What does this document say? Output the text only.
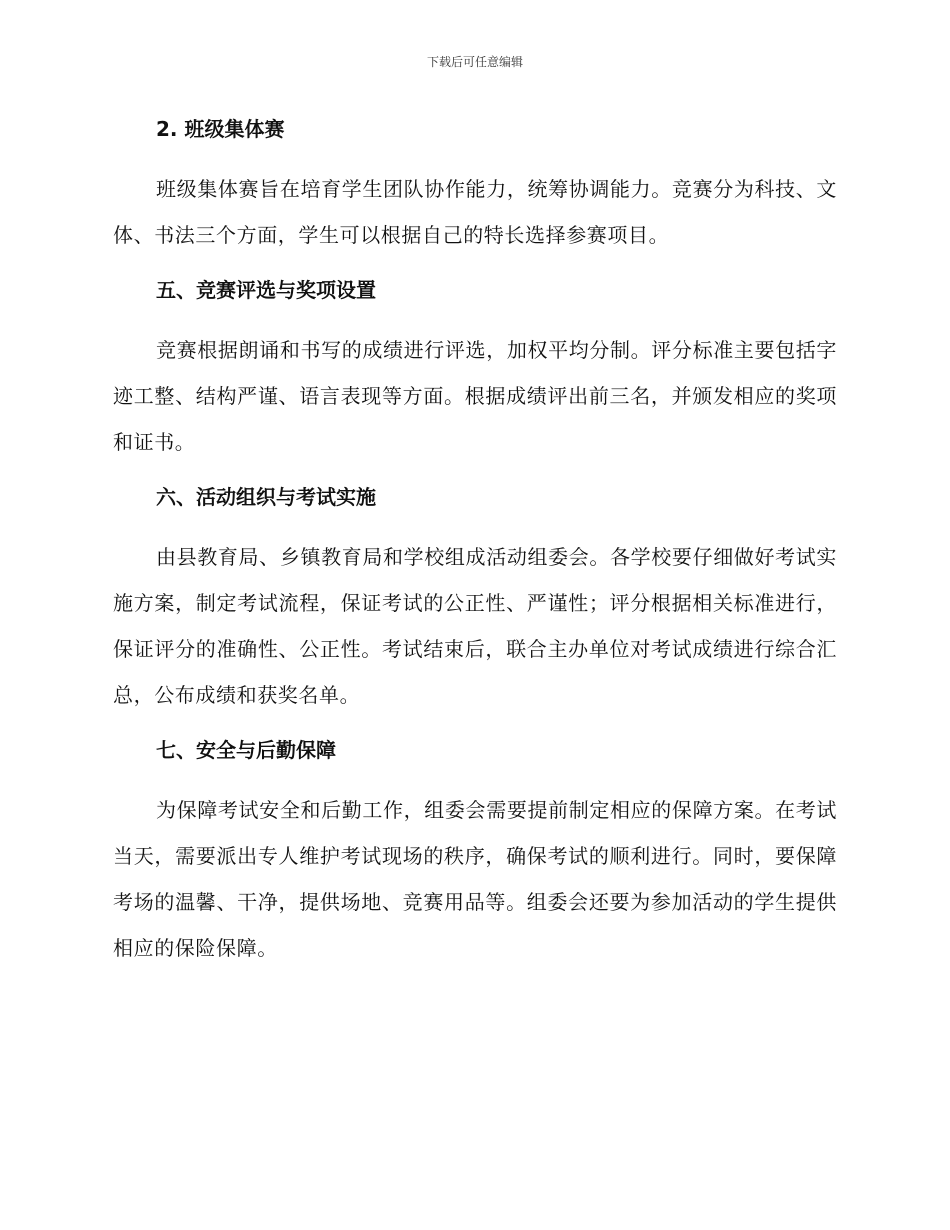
下载后可任意编辑
2. 班级集体赛

班级集体赛旨在培育学生团队协作能力，统筹协调能力。竞赛分为科技、文体、书法三个方面，学生可以根据自己的特长选择参赛项目。

五、竞赛评选与奖项设置

竞赛根据朗诵和书写的成绩进行评选，加权平均分制。评分标准主要包括字迹工整、结构严谨、语言表现等方面。根据成绩评出前三名，并颁发相应的奖项和证书。

六、活动组织与考试实施

由县教育局、乡镇教育局和学校组成活动组委会。各学校要仔细做好考试实施方案，制定考试流程，保证考试的公正性、严谨性；评分根据相关标准进行，保证评分的准确性、公正性。考试结束后，联合主办单位对考试成绩进行综合汇总，公布成绩和获奖名单。

七、安全与后勤保障

为保障考试安全和后勤工作，组委会需要提前制定相应的保障方案。在考试当天，需要派出专人维护考试现场的秩序，确保考试的顺利进行。同时，要保障考场的温馨、干净，提供场地、竞赛用品等。组委会还要为参加活动的学生提供相应的保险保障。
